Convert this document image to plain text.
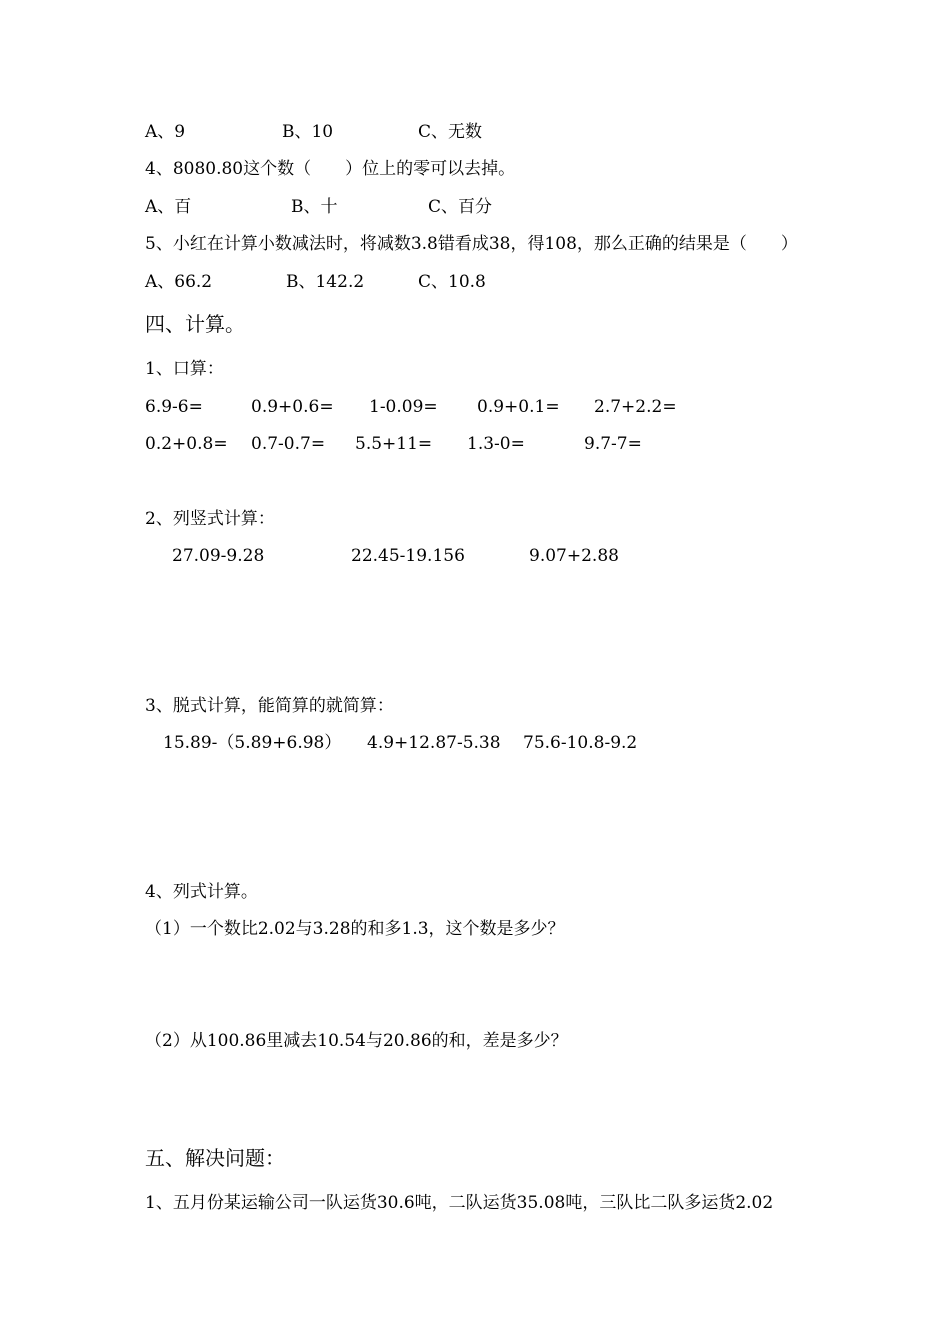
A、9	B、10	C、无数
4、8080.80这个数（　　）位上的零可以去掉。
A、百	B、十	C、百分
5、小红在计算小数减法时，将减数3.8错看成38，得108，那么正确的结果是（　　）
A、66.2	B、142.2	C、10.8
四、计算。
1、口算：
6.9-6=	0.9+0.6= 1-0.09= 0.9+0.1= 2.7+2.2=
0.2+0.8= 0.7-0.7= 5.5+11= 1.3-0=	9.7-7=
2、列竖式计算：
27.09-9.28	22.45-19.156	9.07+2.88
3、脱式计算，能简算的就简算：
15.89-（5.89+6.98） 4.9+12.87-5.38 75.6-10.8-9.2
4、列式计算。
（1）一个数比2.02与3.28的和多1.3，这个数是多少？
（2）从100.86里减去10.54与20.86的和，差是多少？
五、解决问题：
1、五月份某运输公司一队运货30.6吨，二队运货35.08吨，三队比二队多运货2.02
